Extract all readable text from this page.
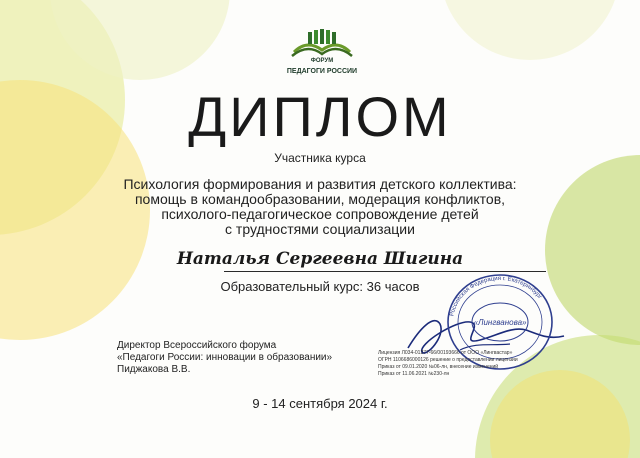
ФОРУМ
ПЕДАГОГИ РОССИИ
ДИПЛОМ
Участника курса
Психология формирования и развития детского коллектива:
помощь в командообразовании, модерация конфликтов,
психолого-педагогическое сопровождение детей
с трудностями социализации
Наталья Сергеевна Шигина
Образовательный курс: 36 часов
Директор Всероссийского форума
«Педагоги России: инновации в образовании»
Пиджакова В.В.
Российская Федерация г. Екатеринбург
«Лингванова»
Лицензия Л034-01277-66/00193666 от ООО «Лингвастар»
ОГРН 1106686000126 решение о предоставлении лицензии
Приказ от 09.01.2020 №06-лн, внесение изменений
Приказ от 11.06.2021 №230-лн
9 - 14 сентября 2024 г.
